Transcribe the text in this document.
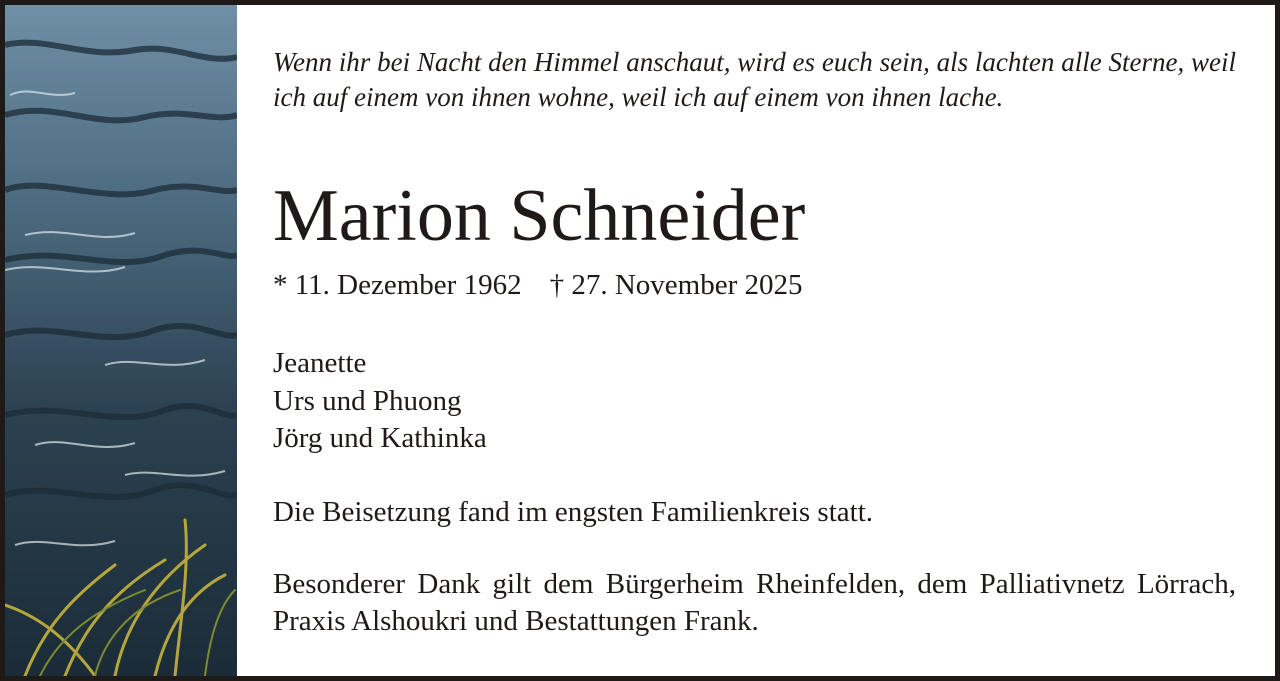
Wenn ihr bei Nacht den Himmel anschaut, wird es euch sein, als lachten alle Sterne, weil ich auf einem von ihnen wohne, weil ich auf einem von ihnen lache.
Marion Schneider
* 11. Dezember 1962 † 27. November 2025
Jeanette
Urs und Phuong
Jörg und Kathinka
Die Beisetzung fand im engsten Familienkreis statt.
Besonderer Dank gilt dem Bürgerheim Rheinfelden, dem Palliativnetz Lörrach, Praxis Alshoukri und Bestattungen Frank.
